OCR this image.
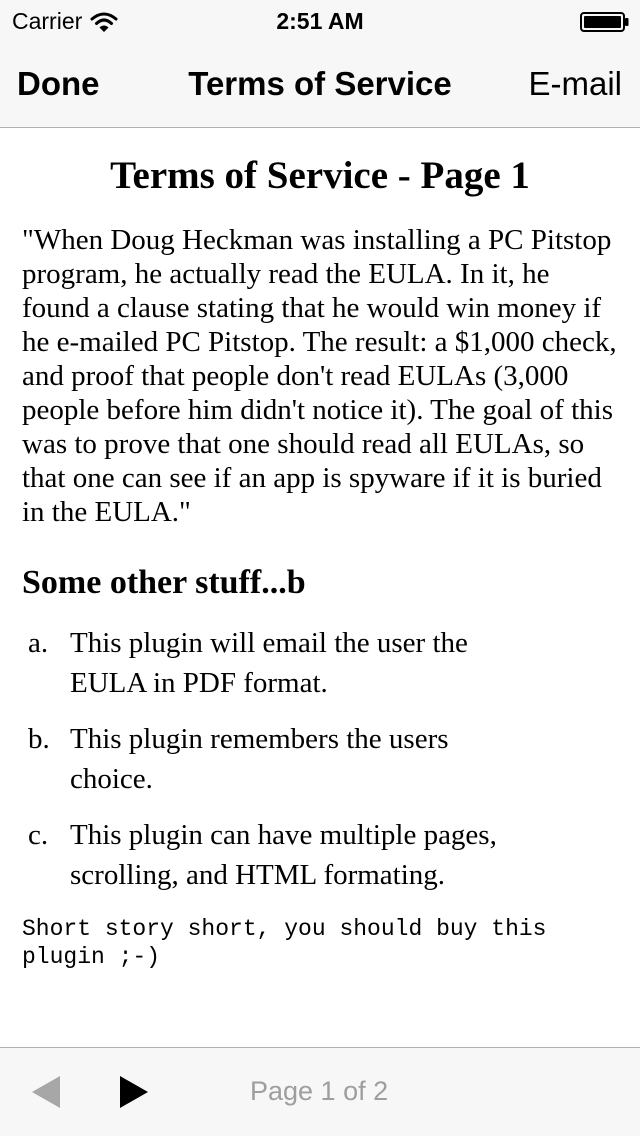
Carrier	2:51 AM
Done	Terms of Service	E-mail
Terms of Service - Page 1

"When Doug Heckman was installing a PC Pitstop program, he actually read the EULA. In it, he found a clause stating that he would win money if he e-mailed PC Pitstop. The result: a $1,000 check, and proof that people don't read EULAs (3,000 people before him didn't notice it). The goal of this was to prove that one should read all EULAs, so that one can see if an app is spyware if it is buried in the EULA."

Some other stuff...b
a. This plugin will email the user the EULA in PDF format.
b. This plugin remembers the users choice.
c. This plugin can have multiple pages, scrolling, and HTML formating.
Short story short, you should buy this plugin ;-)
Page 1 of 2
